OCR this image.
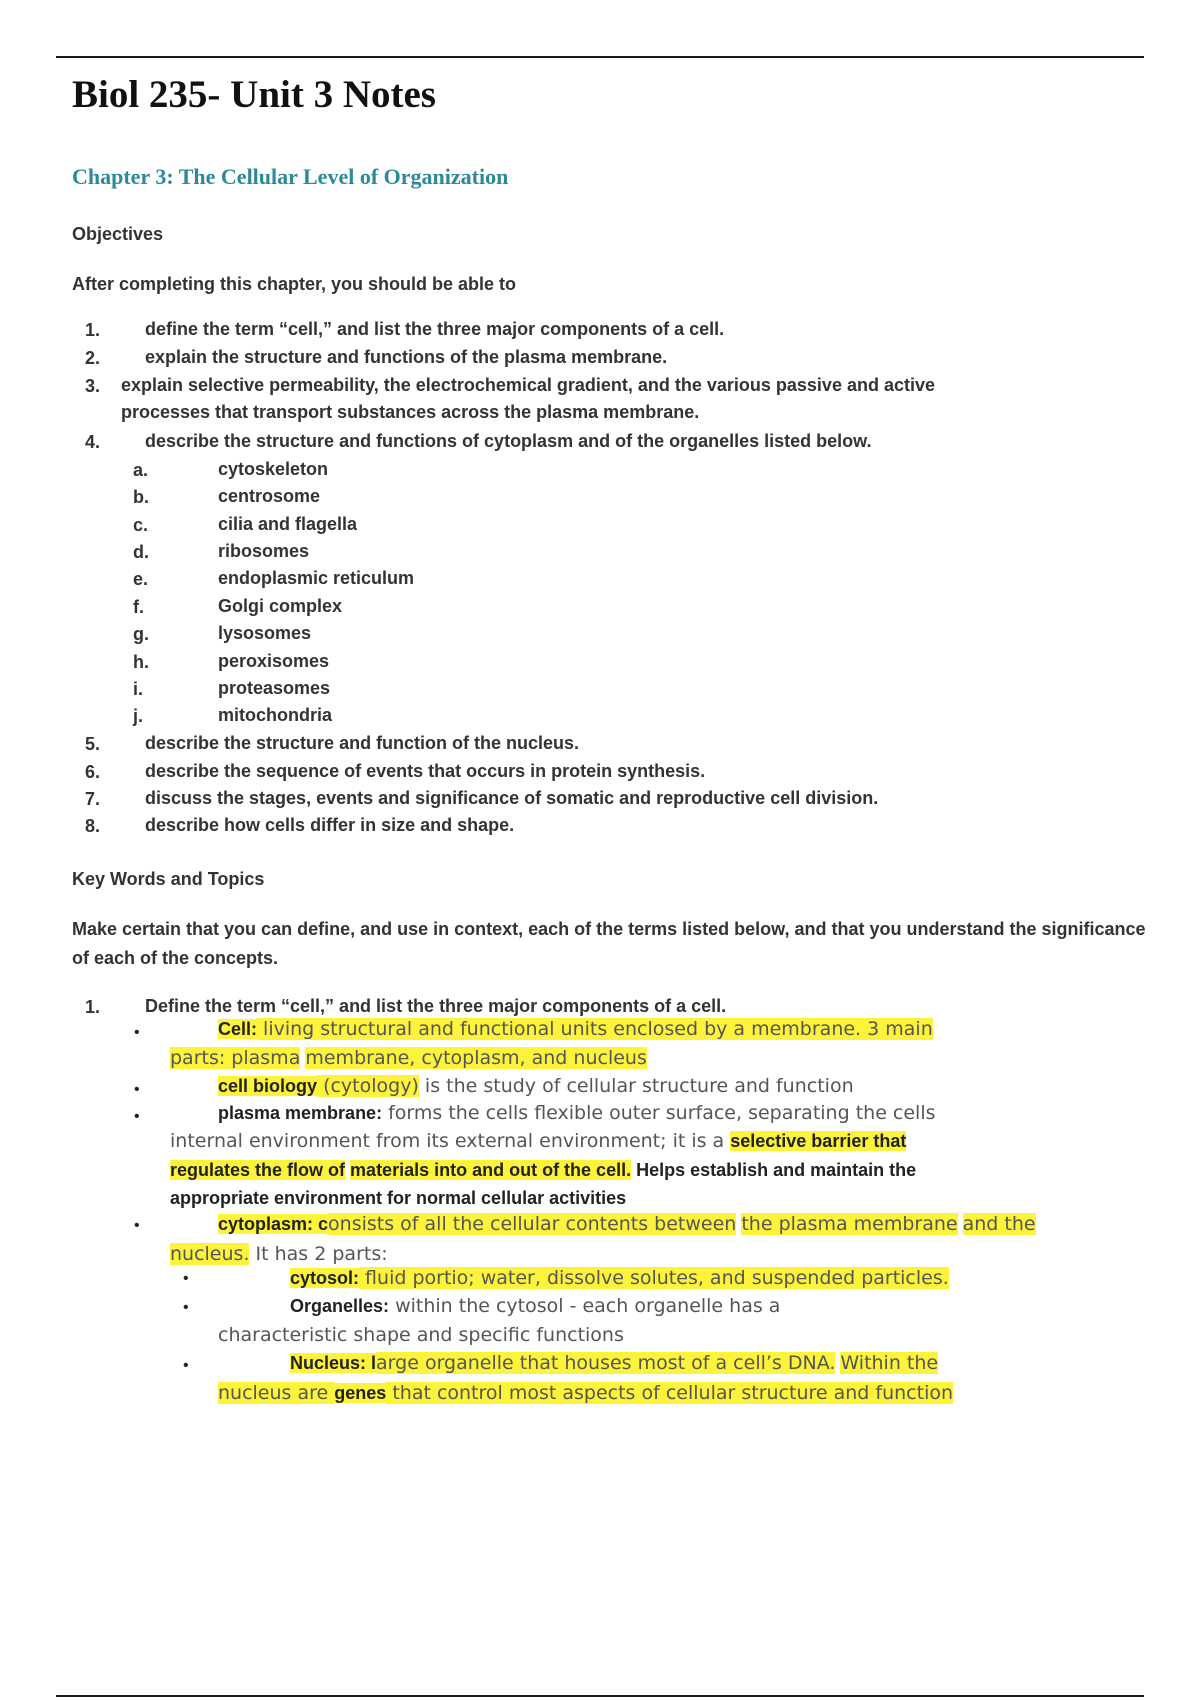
Biol 235- Unit 3 Notes
Chapter 3: The Cellular Level of Organization
Objectives
After completing this chapter, you should be able to
1. define the term “cell,” and list the three major components of a cell.
2. explain the structure and functions of the plasma membrane.
3. explain selective permeability, the electrochemical gradient, and the various passive and active
processes that transport substances across the plasma membrane.
4. describe the structure and functions of cytoplasm and of the organelles listed below.
a.	cytoskeleton
b.	centrosome
c.	cilia and flagella
d.	ribosomes
e.	endoplasmic reticulum
f.	Golgi complex
g.	lysosomes
h.	peroxisomes
i.	proteasomes
j.	mitochondria
5. describe the structure and function of the nucleus.
6. describe the sequence of events that occurs in protein synthesis.
7. discuss the stages, events and significance of somatic and reproductive cell division.
8. describe how cells differ in size and shape.
Key Words and Topics
Make certain that you can define, and use in context, each of the terms listed below, and that you understand the significance of each of the concepts.
1. Define the term “cell,” and list the three major components of a cell.
•	Cell: living structural and functional units enclosed by a membrane. 3 main
parts: plasma membrane, cytoplasm, and nucleus
•	cell biology (cytology) is the study of cellular structure and function
•	plasma membrane: forms the cells flexible outer surface, separating the cells
internal environment from its external environment; it is a selective barrier that
regulates the flow of materials into and out of the cell. Helps establish and maintain the
appropriate environment for normal cellular activities
•	cytoplasm: consists of all the cellular contents between the plasma membrane and the
nucleus. It has 2 parts:
•	cytosol: fluid portio; water, dissolve solutes, and suspended particles.
•	Organelles: within the cytosol - each organelle has a
characteristic shape and specific functions
•	Nucleus: large organelle that houses most of a cell’s DNA. Within the
nucleus are genes that control most aspects of cellular structure and function
